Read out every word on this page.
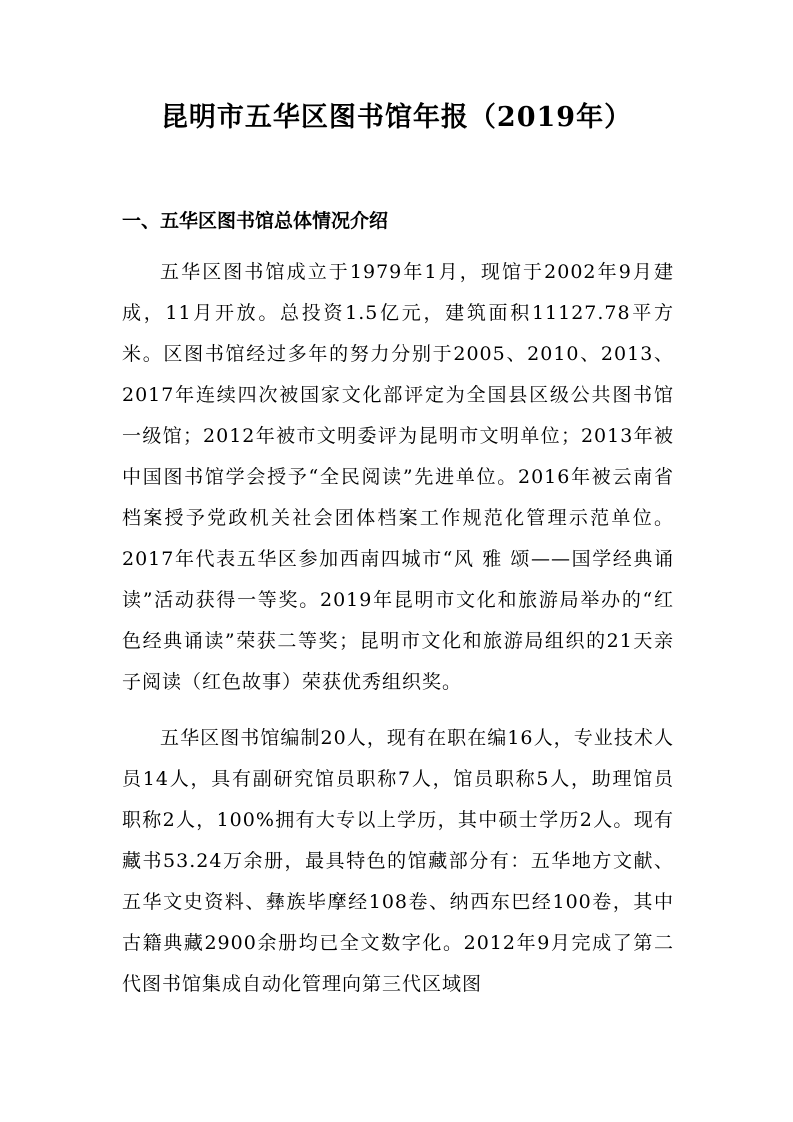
昆明市五华区图书馆年报（2019年）
一、五华区图书馆总体情况介绍

五华区图书馆成立于1979年1月，现馆于2002年9月建成，11月开放。总投资1.5亿元，建筑面积11127.78平方米。区图书馆经过多年的努力分别于2005、2010、2013、2017年连续四次被国家文化部评定为全国县区级公共图书馆一级馆；2012年被市文明委评为昆明市文明单位；2013年被中国图书馆学会授予“全民阅读”先进单位。2016年被云南省档案授予党政机关社会团体档案工作规范化管理示范单位。2017年代表五华区参加西南四城市“风 雅 颂——国学经典诵读”活动获得一等奖。2019年昆明市文化和旅游局举办的“红色经典诵读”荣获二等奖；昆明市文化和旅游局组织的21天亲子阅读（红色故事）荣获优秀组织奖。

五华区图书馆编制20人，现有在职在编16人，专业技术人员14人，具有副研究馆员职称7人，馆员职称5人，助理馆员职称2人，100%拥有大专以上学历，其中硕士学历2人。现有藏书53.24万余册，最具特色的馆藏部分有：五华地方文献、五华文史资料、彝族毕摩经108卷、纳西东巴经100卷，其中古籍典藏2900余册均已全文数字化。2012年9月完成了第二代图书馆集成自动化管理向第三代区域图
